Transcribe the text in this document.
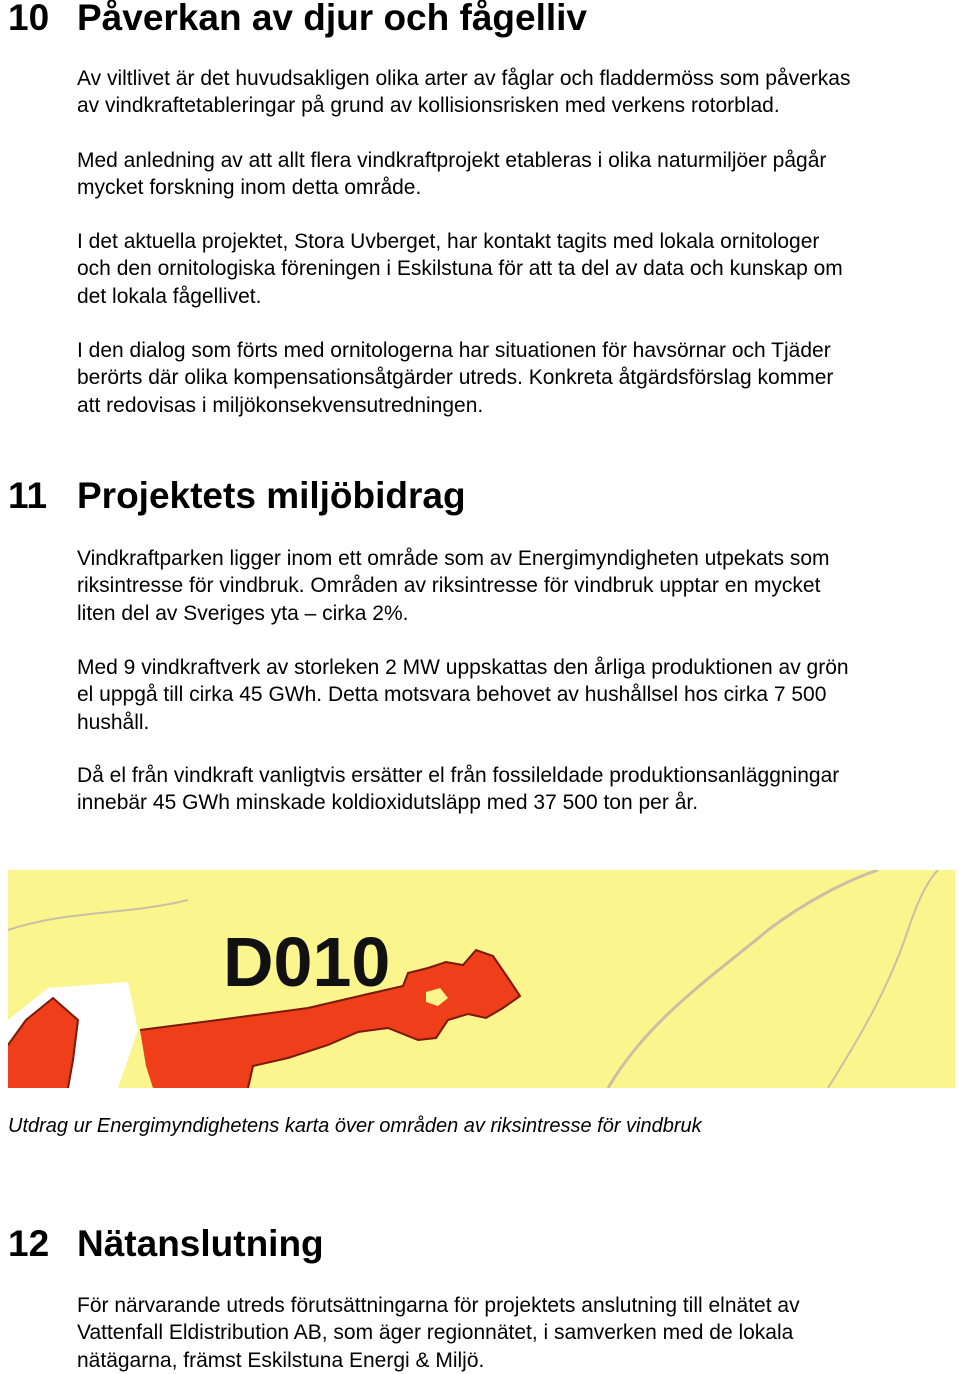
10 Påverkan av djur och fågelliv
Av viltlivet är det huvudsakligen olika arter av fåglar och fladdermöss som påverkas
av vindkraftetableringar på grund av kollisionsrisken med verkens rotorblad.
Med anledning av att allt flera vindkraftprojekt etableras i olika naturmiljöer pågår
mycket forskning inom detta område.
I det aktuella projektet, Stora Uvberget, har kontakt tagits med lokala ornitologer
och den ornitologiska föreningen i Eskilstuna för att ta del av data och kunskap om
det lokala fågellivet.
I den dialog som förts med ornitologerna har situationen för havsörnar och Tjäder
berörts där olika kompensationsåtgärder utreds. Konkreta åtgärdsförslag kommer
att redovisas i miljökonsekvensutredningen.
11 Projektets miljöbidrag
Vindkraftparken ligger inom ett område som av Energimyndigheten utpekats som
riksintresse för vindbruk. Områden av riksintresse för vindbruk upptar en mycket
liten del av Sveriges yta – cirka 2%.
Med 9 vindkraftverk av storleken 2 MW uppskattas den årliga produktionen av grön
el uppgå till cirka 45 GWh. Detta motsvara behovet av hushållsel hos cirka 7 500
hushåll.
Då el från vindkraft vanligtvis ersätter el från fossileldade produktionsanläggningar
innebär 45 GWh minskade koldioxidutsläpp med 37 500 ton per år.
D010

Utdrag ur Energimyndighetens karta över områden av riksintresse för vindbruk

12 Nätanslutning
För närvarande utreds förutsättningarna för projektets anslutning till elnätet av
Vattenfall Eldistribution AB, som äger regionnätet, i samverken med de lokala
nätägarna, främst Eskilstuna Energi & Miljö.
